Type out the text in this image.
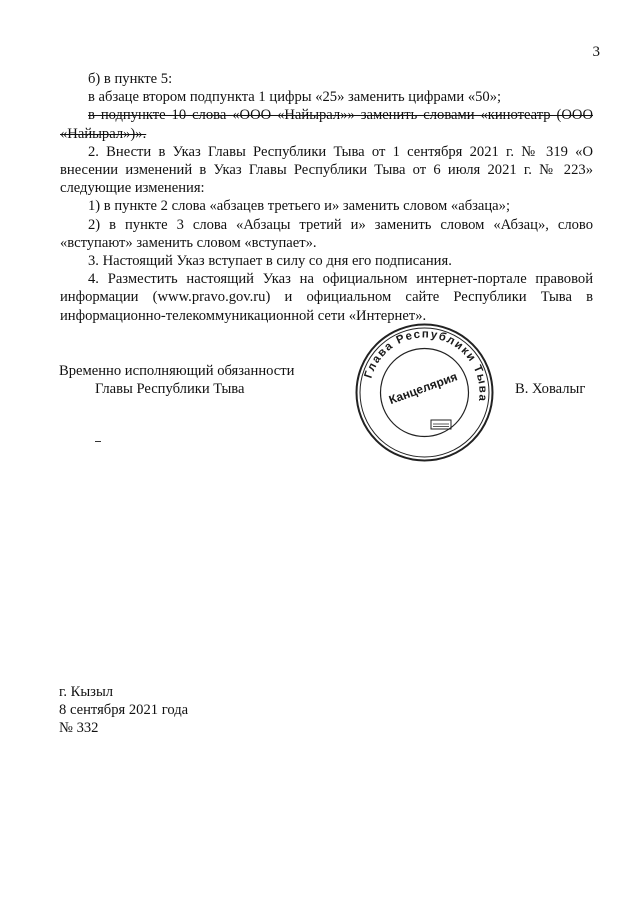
3

б) в пункте 5:

в абзаце втором подпункта 1 цифры «25» заменить цифрами «50»;

в подпункте 10 слова «ООО «Найырал»» заменить словами «кинотеатр (ООО «Найырал»)».

2. Внести в Указ Главы Республики Тыва от 1 сентября 2021 г. № 319 «О внесении изменений в Указ Главы Республики Тыва от 6 июля 2021 г. № 223» следующие изменения:

1) в пункте 2 слова «абзацев третьего и» заменить словом «абзаца»;

2) в пункте 3 слова «Абзацы третий и» заменить словом «Абзац», слово «вступают» заменить словом «вступает».

3. Настоящий Указ вступает в силу со дня его подписания.

4. Разместить настоящий Указ на официальном интернет-портале правовой информации (www.pravo.gov.ru) и официальном сайте Республики Тыва в информационно-телекоммуникационной сети «Интернет».

Временно исполняющий обязанности
Главы Республики Тыва
Глава Республики Тыва
Канцелярия	В. Ховалыг
г. Кызыл
8 сентября 2021 года
№ 332
